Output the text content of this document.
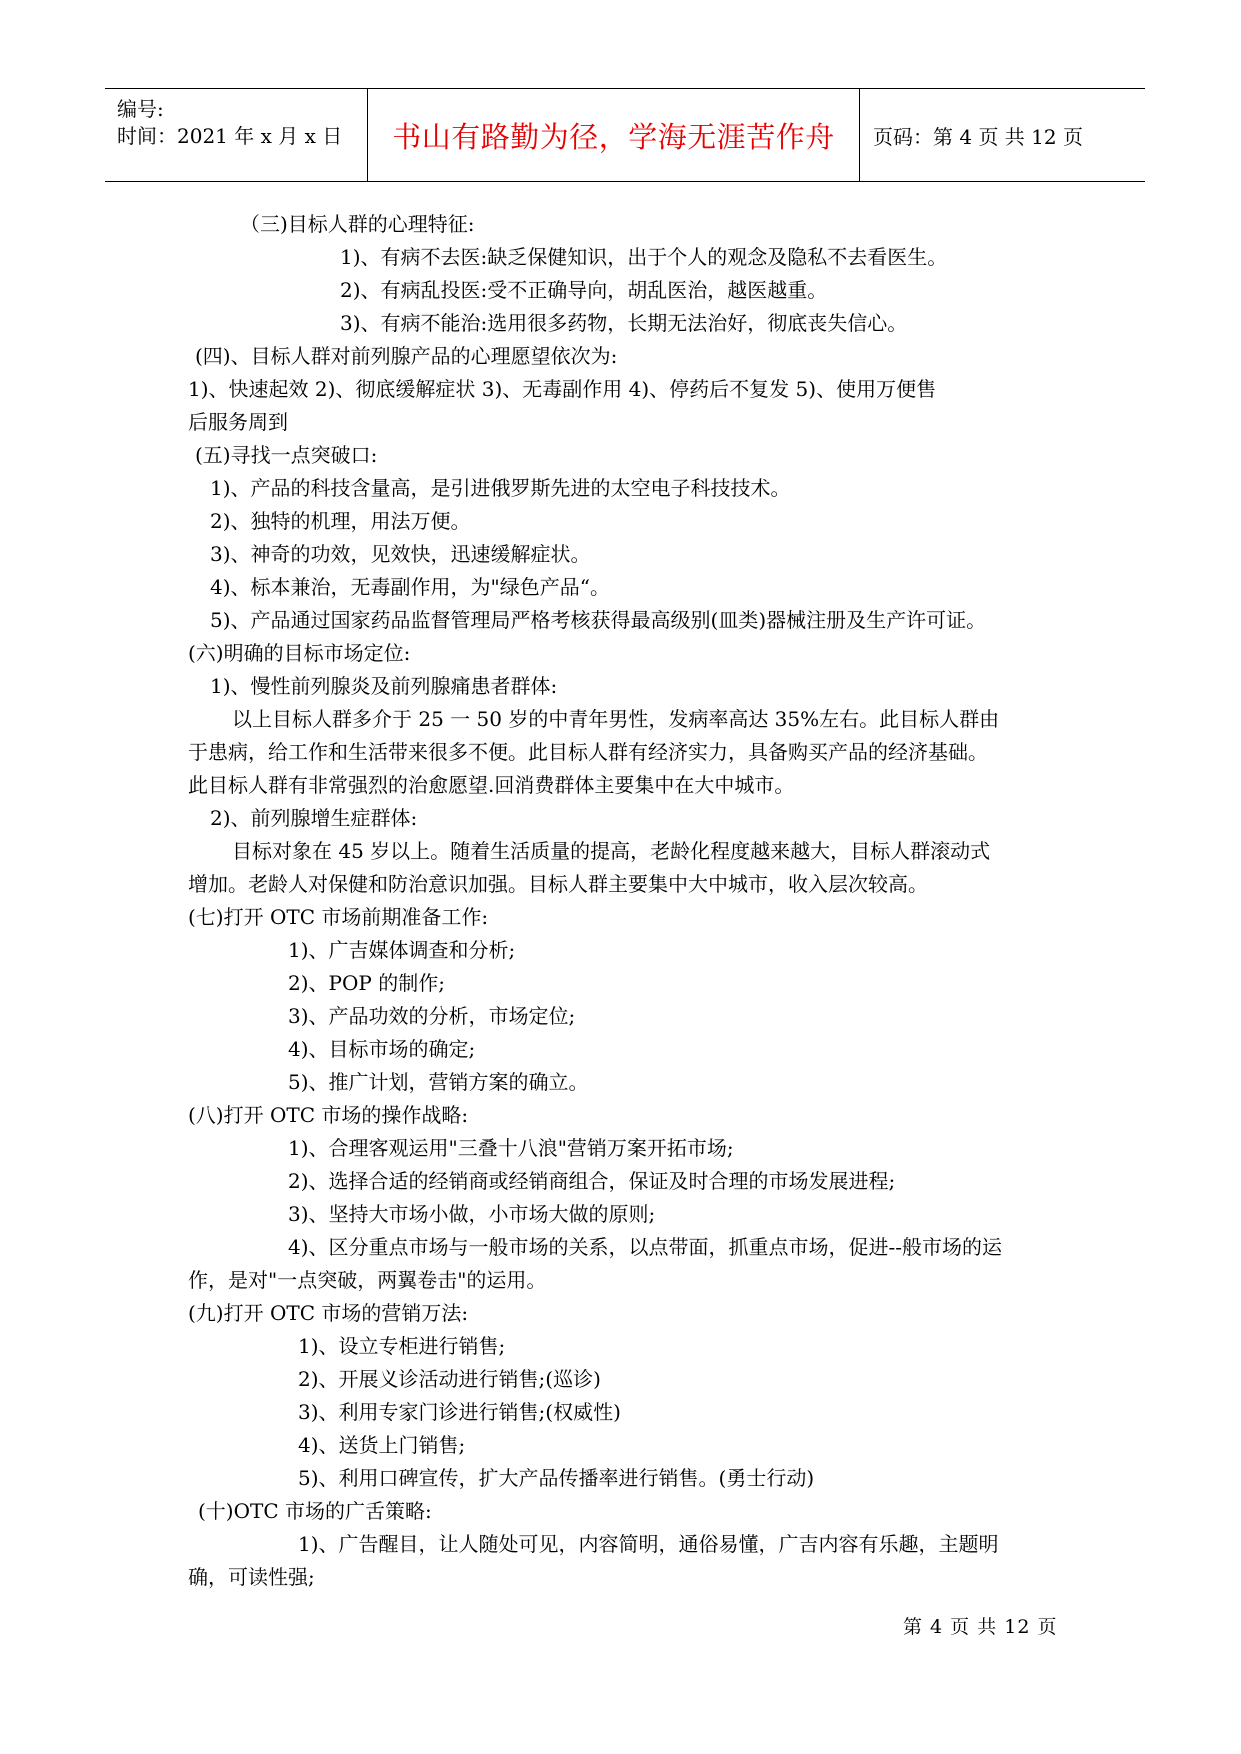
编号:
时间：2021 年 x 月 x 日 书山有路勤为径，学海无涯苦作舟	页码：第 4 页 共 12 页
（三)目标人群的心理特征:
1)、有病不去医:缺乏保健知识，出于个人的观念及隐私不去看医生。
2)、有病乱投医:受不正确导向，胡乱医治，越医越重。
3)、有病不能治:选用很多药物，长期无法治好，彻底丧失信心。
(四)、目标人群对前列腺产品的心理愿望依次为:
1)、快速起效 2)、彻底缓解症状 3)、无毒副作用 4)、停药后不复发 5)、使用万便售
后服务周到
(五)寻找一点突破口:
1)、产品的科技含量高，是引进俄罗斯先进的太空电子科技技术。
2)、独特的机理，用法万便。
3)、神奇的功效，见效快，迅速缓解症状。
4)、标本兼治，无毒副作用，为"绿色产品“。
5)、产品通过国家药品监督管理局严格考核获得最高级别(皿类)器械注册及生产许可证。
(六)明确的目标市场定位:
1)、慢性前列腺炎及前列腺痛患者群体:
以上目标人群多介于 25 一 50 岁的中青年男性，发病率高达 35%左右。此目标人群由
于患病，给工作和生活带来很多不便。此目标人群有经济实力，具备购买产品的经济基础。
此目标人群有非常强烈的治愈愿望.回消费群体主要集中在大中城市。
2)、前列腺增生症群体:
目标对象在 45 岁以上。随着生活质量的提高，老龄化程度越来越大，目标人群滚动式
增加。老龄人对保健和防治意识加强。目标人群主要集中大中城市，收入层次较高。
(七)打开 OTC 市场前期准备工作:
1)、广吉媒体调查和分析;
2)、POP 的制作;
3)、产品功效的分析，市场定位;
4)、目标市场的确定;
5)、推广计划，营销方案的确立。
(八)打开 OTC 市场的操作战略:
1)、合理客观运用"三叠十八浪"营销万案开拓市场;
2)、选择合适的经销商或经销商组合，保证及时合理的市场发展进程;
3)、坚持大市场小做，小市场大做的原则;
4)、区分重点市场与一般市场的关系，以点带面，抓重点市场，促进--般市场的运
作，是对"一点突破，两翼卷击"的运用。
(九)打开 OTC 市场的营销万法:
1)、设立专柜进行销售;
2)、开展义诊活动进行销售;(巡诊)
3)、利用专家门诊进行销售;(权威性)
4)、送货上门销售;
5)、利用口碑宣传，扩大产品传播率进行销售。(勇士行动)
(十)OTC 市场的广舌策略:
1)、广告醒目，让人随处可见，内容简明，通俗易懂，广吉内容有乐趣，主题明
确，可读性强;
第 4 页 共 12 页
